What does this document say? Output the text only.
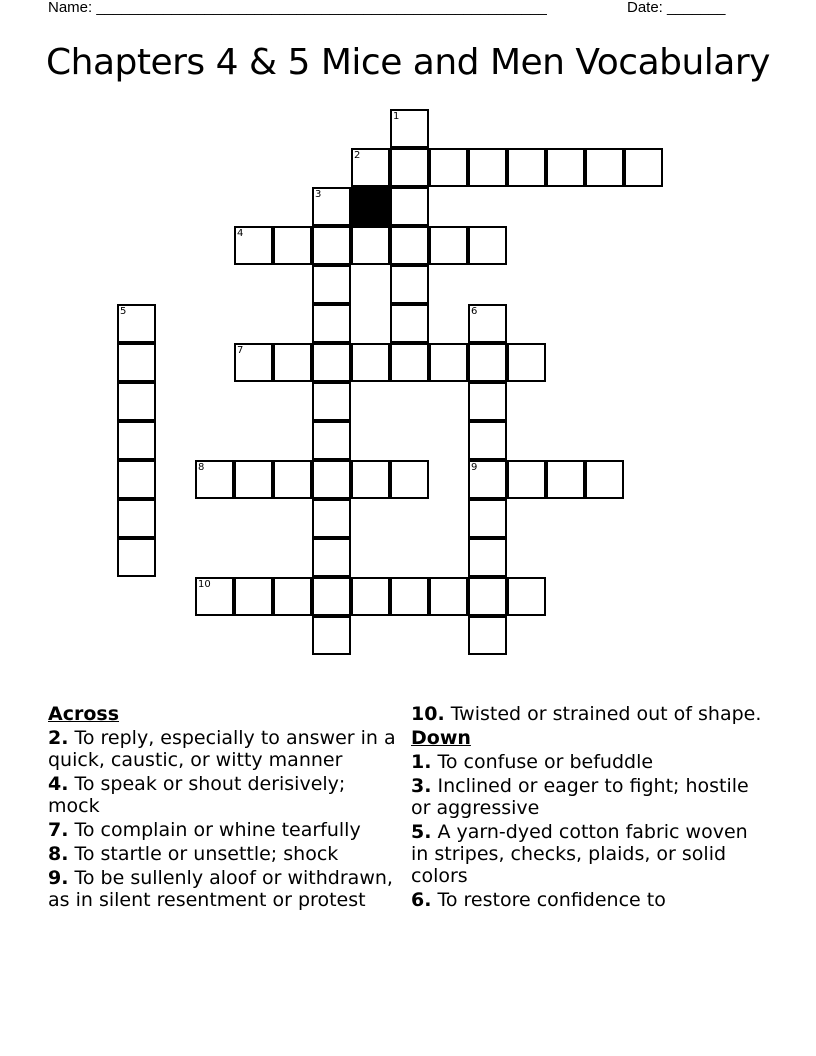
Name: ______________________________________________________	Date: _______
Chapters 4 & 5 Mice and Men Vocabulary
1
2
3
4
5	6
9
7
8
10
Across
2. To reply, especially to answer in a quick, caustic, or witty manner
4. To speak or shout derisively; mock
7. To complain or whine tearfully
8. To startle or unsettle; shock
9. To be sullenly aloof or withdrawn, as in silent resentment or protest
10. Twisted or strained out of shape.
Down
1. To confuse or befuddle
3. Inclined or eager to fight; hostile or aggressive
5. A yarn-dyed cotton fabric woven in stripes, checks, plaids, or solid colors
6. To restore confidence to
